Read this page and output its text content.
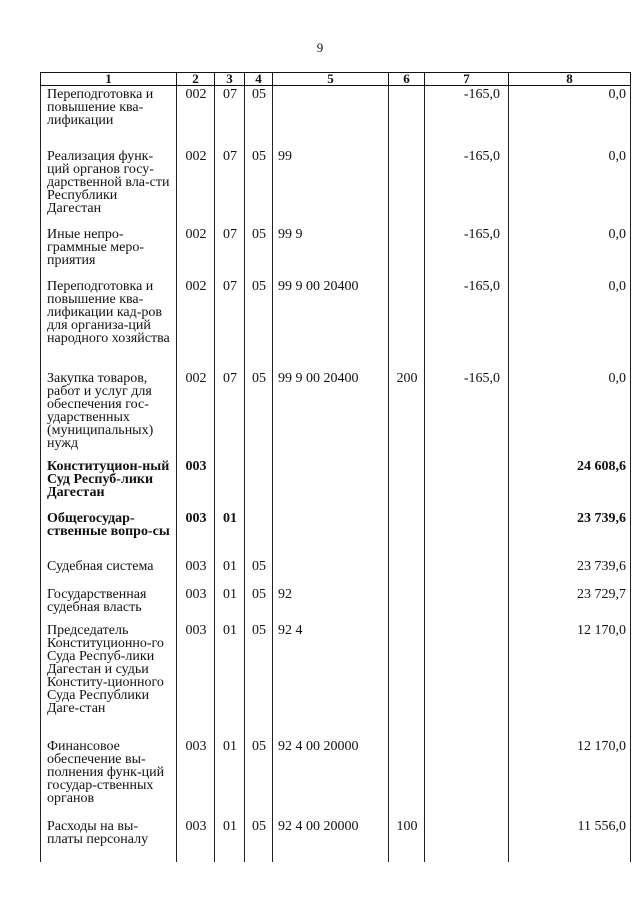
9
1	2	3	4	5	6	7	8
Переподготовка и повышение ква-лификации	002	07	05			-165,0	0,0
Реализация функ-ций органов госу-дарственной вла-сти Республики Дагестан	002	07	05	99		-165,0	0,0
Иные непро-граммные меро-приятия	002	07	05	99 9		-165,0	0,0
Переподготовка и повышение ква-лификации кад-ров для организа-ций народного хозяйства	002	07	05	99 9 00 20400		-165,0	0,0
Закупка товаров, работ и услуг для обеспечения гос-ударственных (муниципальных) нужд	002	07	05	99 9 00 20400	200	-165,0	0,0
Конституцион-ный Суд Респуб-лики Дагестан	003						24 608,6
Общегосудар-ственные вопро-сы	003	01					23 739,6
Судебная система	003	01	05				23 739,6
Государственная судебная власть	003	01	05	92			23 729,7
Председатель Конституционно-го Суда Респуб-лики Дагестан и судьи Конститу-ционного Суда Республики Даге-стан	003	01	05	92 4			12 170,0
Финансовое обеспечение вы-полнения функ-ций государ-ственных органов	003	01	05	92 4 00 20000			12 170,0
Расходы на вы-платы персоналу	003	01	05	92 4 00 20000	100		11 556,0
